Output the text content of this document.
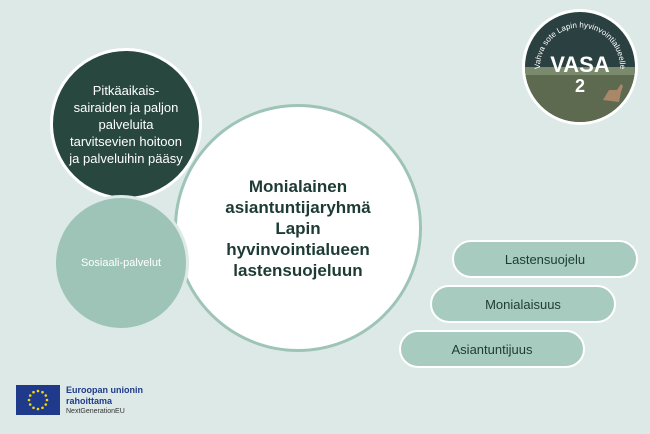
Pitkäaikais-sairaiden ja paljon palveluita tarvitsevien hoitoon ja palveluihin pääsy
Sosiaali-palvelut
Monialainen asiantuntijaryhmä Lapin hyvinvointialueen lastensuojeluun
Lastensuojelu
Monialaisuus
Asiantuntijuus
Vahva sote Lapin hyvinvointialueelle
VASA
2
Euroopan unionin
rahoittama
NextGenerationEU
